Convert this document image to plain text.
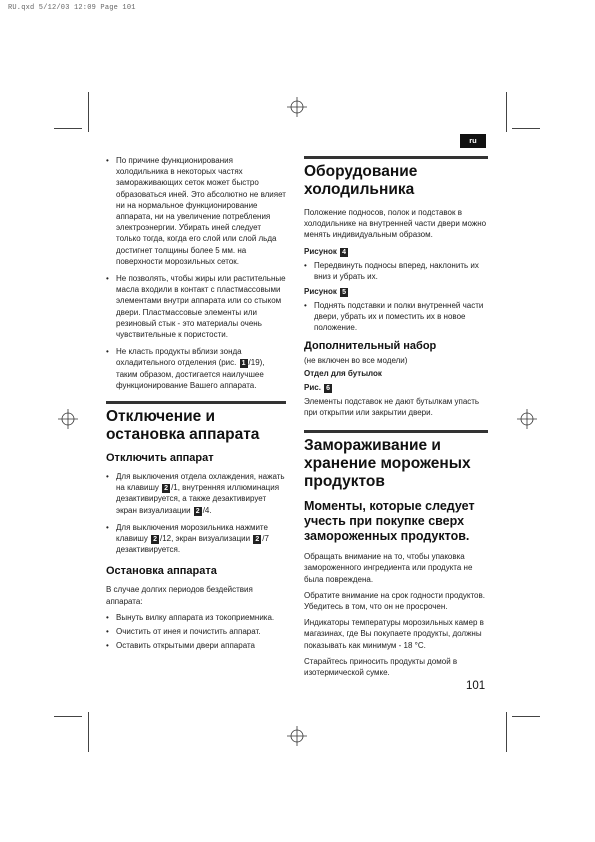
RU.qxd 5/12/03 12:09 Page 101
ru
• По причине функционирования холодильника в некоторых частях замораживающих сеток может быстро образоваться иней. Это абсолютно не влияет ни на нормальное функционирование аппарата, ни на увеличение потребления электроэнергии. Убирать иней следует только тогда, когда его слой или слой льда достигнет толщины более 5 мм. на поверхности морозильных сеток.
• Не позволять, чтобы жиры или растительные масла входили в контакт с пластмассовыми элементами внутри аппарата или со стыком двери. Пластмассовые элементы или резиновый стык - это материалы очень чувствительные к пористости.
• Не класть продукты вблизи зонда охладительного отделения (рис. 1 /19), таким образом, достигается наилучшее функционирование Вашего аппарата.
Отключение и остановка аппарата
Отключить аппарат
• Для выключения отдела охлаждения, нажать на клавишу 2 /1, внутренняя иллюминация дезактивируется, а также дезактивирует экран визуализации 2 /4.
• Для выключения морозильника нажмите клавишу 2 /12, экран визуализации 2 /7 дезактивируется.
Остановка аппарата

В случае долгих периодов бездействия аппарата:

• Вынуть вилку аппарата из токоприемника.
• Очистить от инея и почистить аппарат.
• Оставить открытыми двери аппарата
Оборудование холодильника

Положение подносов, полок и подставок в холодильнике на внутренней части двери можно менять индивидуальным образом.

Рисунок 4
• Передвинуть подносы вперед, наклонить их вниз и убрать их.
Рисунок 5
• Поднять подставки и полки внутренней части двери, убрать их и поместить их в новое положение.
Дополнительный набор

(не включен во все модели)

Отдел для бутылок
Рис. 6

Элементы подставок не дают бутылкам упасть при открытии или закрытии двери.

Замораживание и хранение мороженых продуктов
Моменты, которые следует учесть при покупке сверх замороженных продуктов.

Обращать внимание на то, чтобы упаковка замороженного ингредиента или продукта не была повреждена.

Обратите внимание на срок годности продуктов. Убедитесь в том, что он не просрочен.

Индикаторы температуры морозильных камер в магазинах, где Вы покупаете продукты, должны показывать как минимум - 18 °C.

Старайтесь приносить продукты домой в изотермической сумке.

101
